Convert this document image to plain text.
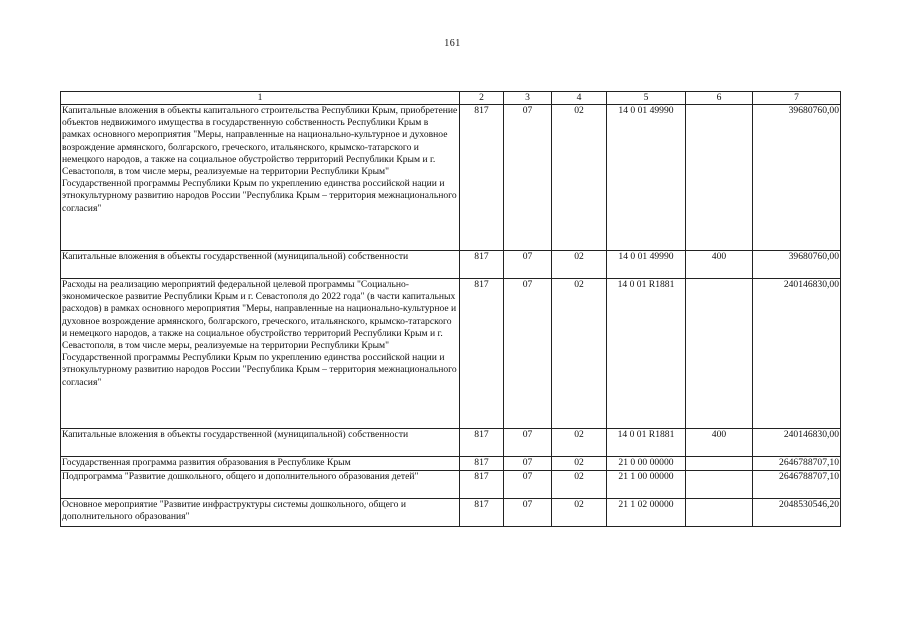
161
1	2	3	4	5	6	7
Капитальные вложения в объекты капитального строительства Республики Крым, приобретение объектов недвижимого имущества в государственную собственность Республики Крым в рамках основного мероприятия "Меры, направленные на национально-культурное и духовное возрождение армянского, болгарского, греческого, итальянского, крымско-татарского и немецкого народов, а также на социальное обустройство территорий Республики Крым и г. Севастополя, в том числе меры, реализуемые на территории Республики Крым" Государственной программы Республики Крым по укреплению единства российской нации и этнокультурному развитию народов России "Республика Крым – территория межнационального согласия"	817	07	02	14 0 01 49990		39680760,00
Капитальные вложения в объекты государственной (муниципальной) собственности	817	07	02	14 0 01 49990	400	39680760,00
Расходы на реализацию мероприятий федеральной целевой программы "Социально-экономическое развитие Республики Крым и г. Севастополя до 2022 года" (в части капитальных расходов) в рамках основного мероприятия "Меры, направленные на национально-культурное и духовное возрождение армянского, болгарского, греческого, итальянского, крымско-татарского и немецкого народов, а также на социальное обустройство территорий Республики Крым и г. Севастополя, в том числе меры, реализуемые на территории Республики Крым" Государственной программы Республики Крым по укреплению единства российской нации и этнокультурному развитию народов России "Республика Крым – территория межнационального согласия"	817	07	02	14 0 01 R1881		240146830,00
Капитальные вложения в объекты государственной (муниципальной) собственности	817	07	02	14 0 01 R1881	400	240146830,00
Государственная программа развития образования в Республике Крым	817	07	02	21 0 00 00000		2646788707,10
Подпрограмма "Развитие дошкольного, общего и дополнительного образования детей"	817	07	02	21 1 00 00000		2646788707,10
Основное мероприятие "Развитие инфраструктуры системы дошкольного, общего и дополнительного образования"	817	07	02	21 1 02 00000		2048530546,20
